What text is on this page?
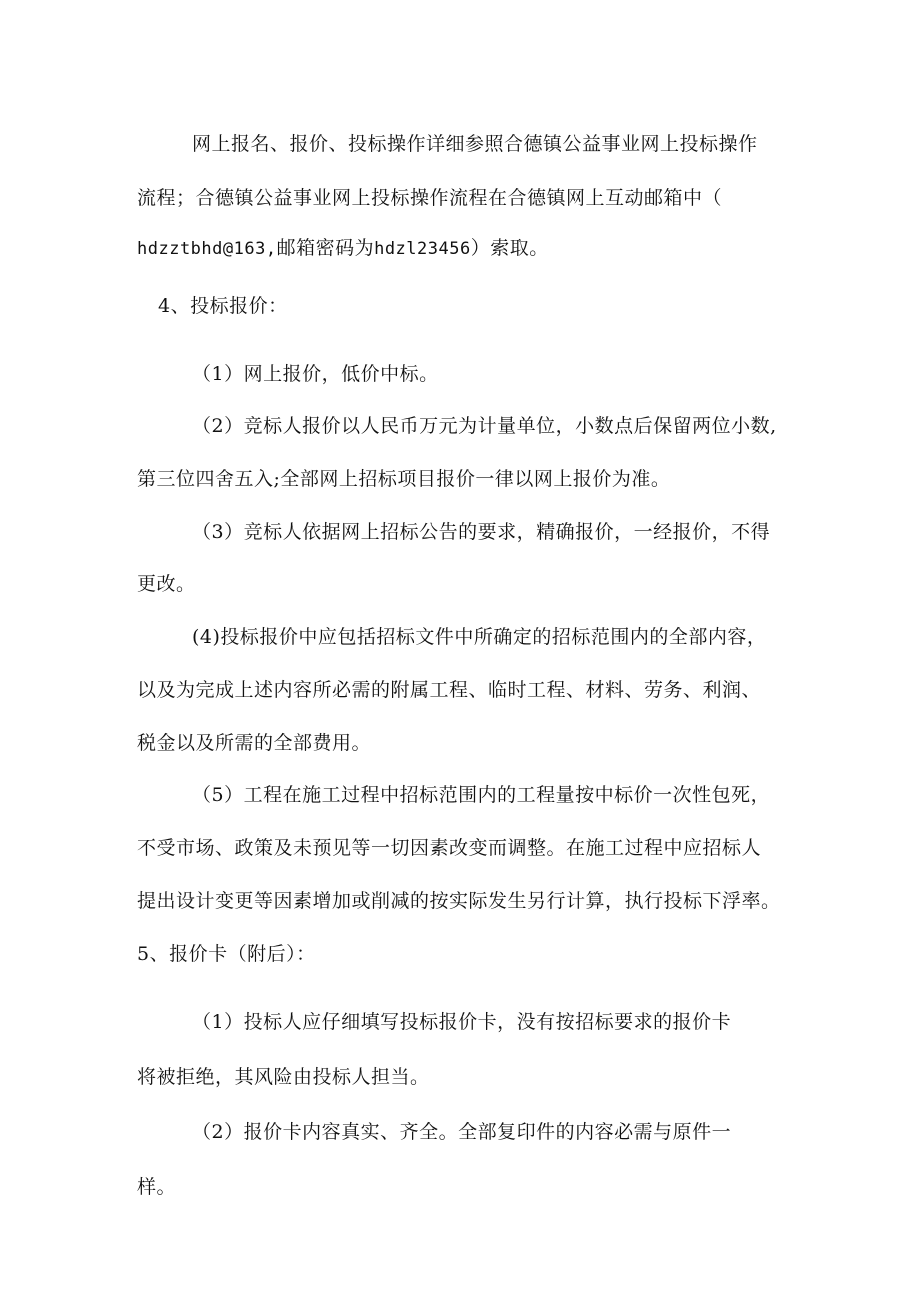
网上报名、报价、投标操作详细参照合德镇公益事业网上投标操作

流程；合德镇公益事业网上投标操作流程在合德镇网上互动邮箱中（

hdzztbhd@163,邮箱密码为hdzl23456）索取。

4、投标报价：

（1）网上报价，低价中标。

（2）竞标人报价以人民币万元为计量单位，小数点后保留两位小数,

第三位四舍五入;全部网上招标项目报价一律以网上报价为准。

（3）竞标人依据网上招标公告的要求，精确报价，一经报价，不得

更改。

(4)投标报价中应包括招标文件中所确定的招标范围内的全部内容，

以及为完成上述内容所必需的附属工程、临时工程、材料、劳务、利润、

税金以及所需的全部费用。

（5）工程在施工过程中招标范围内的工程量按中标价一次性包死，

不受市场、政策及未预见等一切因素改变而调整。在施工过程中应招标人

提出设计变更等因素增加或削减的按实际发生另行计算，执行投标下浮率。

5、报价卡（附后）：

（1）投标人应仔细填写投标报价卡，没有按招标要求的报价卡

将被拒绝，其风险由投标人担当。

（2）报价卡内容真实、齐全。全部复印件的内容必需与原件一

样。
